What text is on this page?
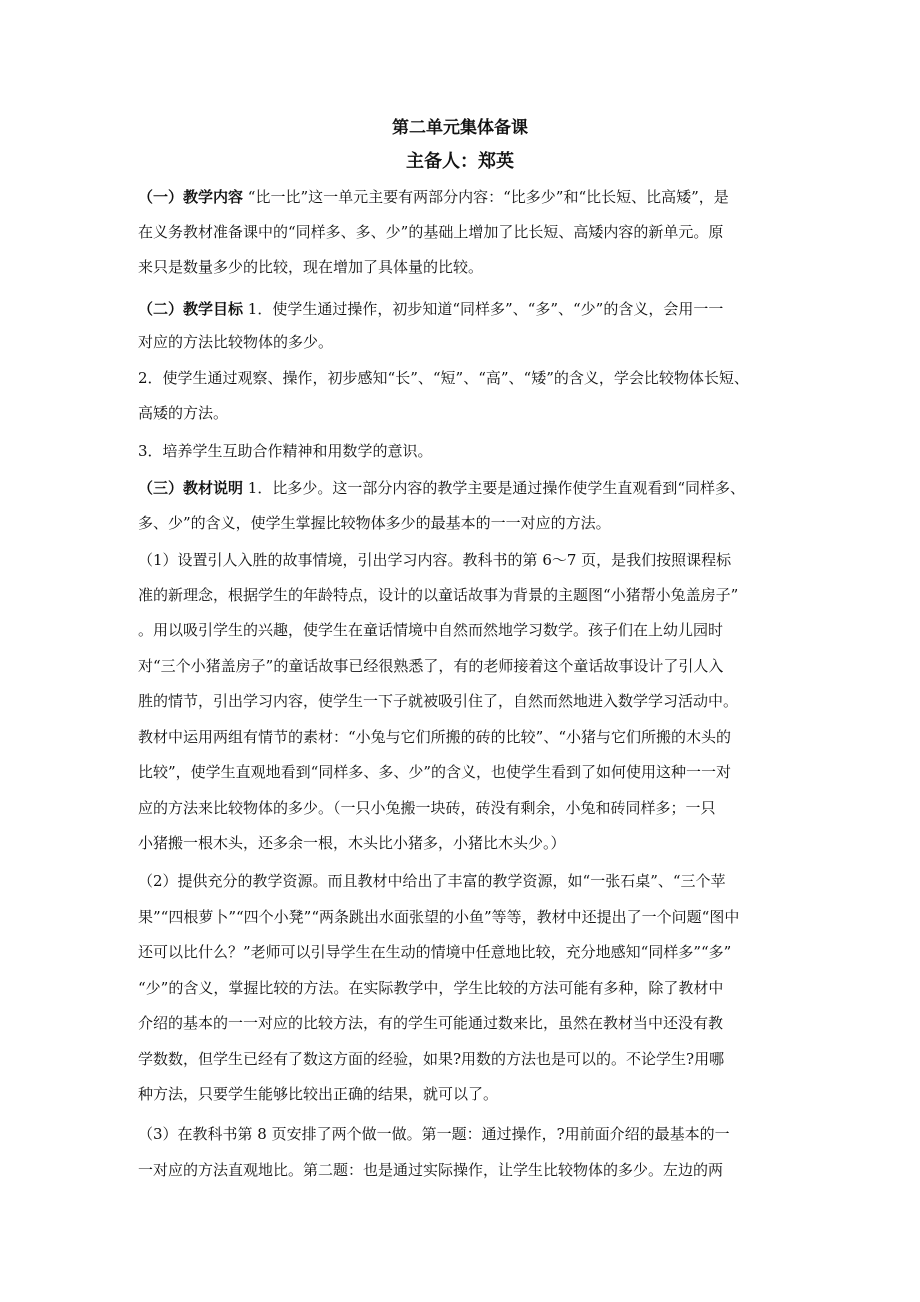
第二单元集体备课
主备人：郑英
（一）教学内容 “比一比”这一单元主要有两部分内容：“比多少”和“比长短、比高矮”，是
在义务教材准备课中的“同样多、多、少”的基础上增加了比长短、高矮内容的新单元。原
来只是数量多少的比较，现在增加了具体量的比较。
（二）教学目标 1．使学生通过操作，初步知道“同样多”、“多”、“少”的含义，会用一一
对应的方法比较物体的多少。
2．使学生通过观察、操作，初步感知“长”、“短”、“高”、“矮”的含义，学会比较物体长短、
高矮的方法。
3．培养学生互助合作精神和用数学的意识。
（三）教材说明 1．比多少。这一部分内容的教学主要是通过操作使学生直观看到“同样多、
多、少”的含义，使学生掌握比较物体多少的最基本的一一对应的方法。
（1）设置引人入胜的故事情境，引出学习内容。教科书的第 6～7 页，是我们按照课程标
准的新理念，根据学生的年龄特点，设计的以童话故事为背景的主题图“小猪帮小兔盖房子”
。用以吸引学生的兴趣，使学生在童话情境中自然而然地学习数学。孩子们在上幼儿园时
对“三个小猪盖房子”的童话故事已经很熟悉了，有的老师接着这个童话故事设计了引人入
胜的情节，引出学习内容，使学生一下子就被吸引住了，自然而然地进入数学学习活动中。
教材中运用两组有情节的素材：“小兔与它们所搬的砖的比较”、“小猪与它们所搬的木头的
比较”，使学生直观地看到“同样多、多、少”的含义，也使学生看到了如何使用这种一一对
应的方法来比较物体的多少。（一只小兔搬一块砖，砖没有剩余，小兔和砖同样多；一只
小猪搬一根木头，还多余一根，木头比小猪多，小猪比木头少。）
（2）提供充分的教学资源。而且教材中给出了丰富的教学资源，如“一张石桌”、“三个苹
果”“四根萝卜”“四个小凳”“两条跳出水面张望的小鱼”等等，教材中还提出了一个问题“图中
还可以比什么？”老师可以引导学生在生动的情境中任意地比较，充分地感知“同样多”“多”
“少”的含义，掌握比较的方法。在实际教学中，学生比较的方法可能有多种，除了教材中
介绍的基本的一一对应的比较方法，有的学生可能通过数来比，虽然在教材当中还没有教
学数数，但学生已经有了数这方面的经验，如果?用数的方法也是可以的。不论学生?用哪
种方法，只要学生能够比较出正确的结果，就可以了。
（3）在教科书第 8 页安排了两个做一做。第一题：通过操作，?用前面介绍的最基本的一
一对应的方法直观地比。第二题：也是通过实际操作，让学生比较物体的多少。左边的两
